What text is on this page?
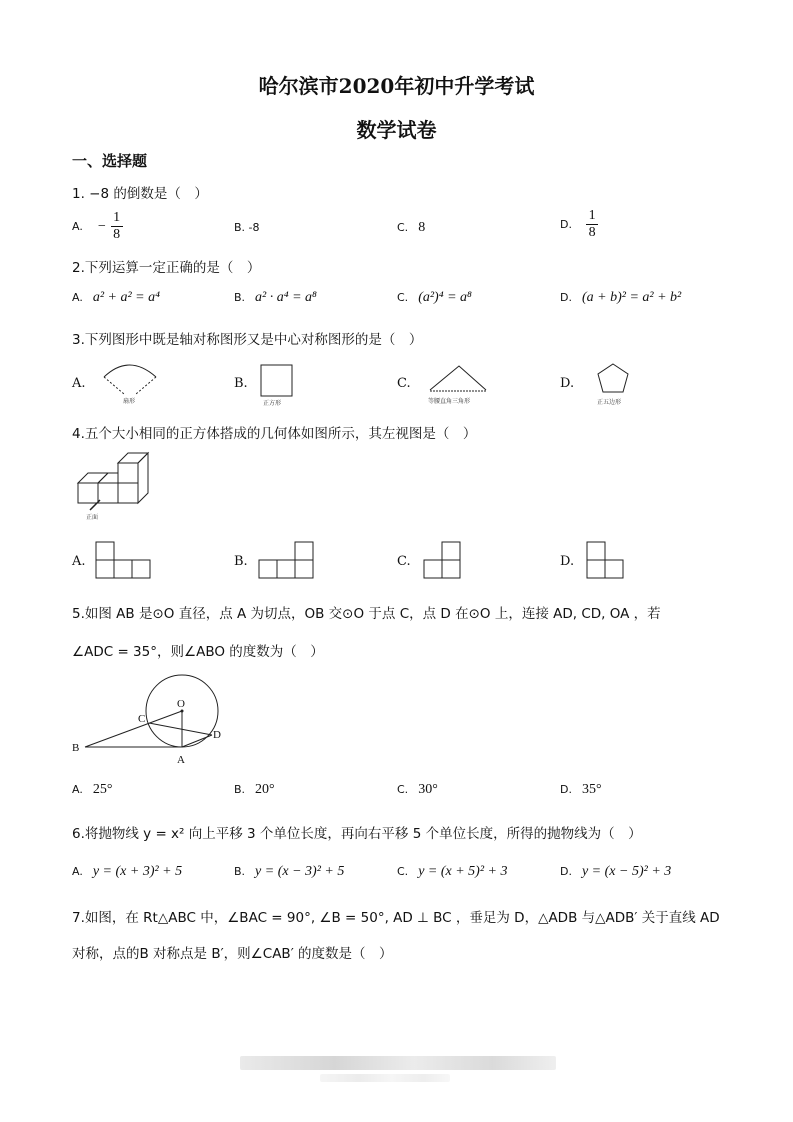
哈尔滨市2020年初中升学考试
数学试卷
一、选择题
1. −8 的倒数是（　）
A. − $\frac{1}{8}$	B. -8	C. 8	D. $\frac{1}{8}$
2.下列运算一定正确的是（　）
A. a² + a² = a⁴	B. a² · a⁴ = a⁸	C. (a²)⁴ = a⁸	D. (a + b)² = a² + b²
3.下列图形中既是轴对称图形又是中心对称图形的是（　）
A.	B.	C.	D.
扇形	正方形	等腰直角三角形	正五边形
4.五个大小相同的正方体搭成的几何体如图所示，其左视图是（　）
正面
A.	B.	C.	D.
5.如图 AB 是⊙O 直径，点 A 为切点，OB 交⊙O 于点 C，点 D 在⊙O 上，连接 AD, CD, OA ，若
∠ADC = 35°，则∠ABO 的度数为（　）
O
C
B
A
D
A. 25°	B. 20°	C. 30°	D. 35°
6.将抛物线 y = x² 向上平移 3 个单位长度，再向右平移 5 个单位长度，所得的抛物线为（　）
A. y = (x + 3)² + 5	B. y = (x − 3)² + 5	C. y = (x + 5)² + 3	D. y = (x − 5)² + 3
7.如图，在 Rt△ABC 中，∠BAC = 90°, ∠B = 50°, AD ⊥ BC ，垂足为 D，△ADB 与△ADB′ 关于直线 AD
对称，点的B 对称点是 B′，则∠CAB′ 的度数是（　）
